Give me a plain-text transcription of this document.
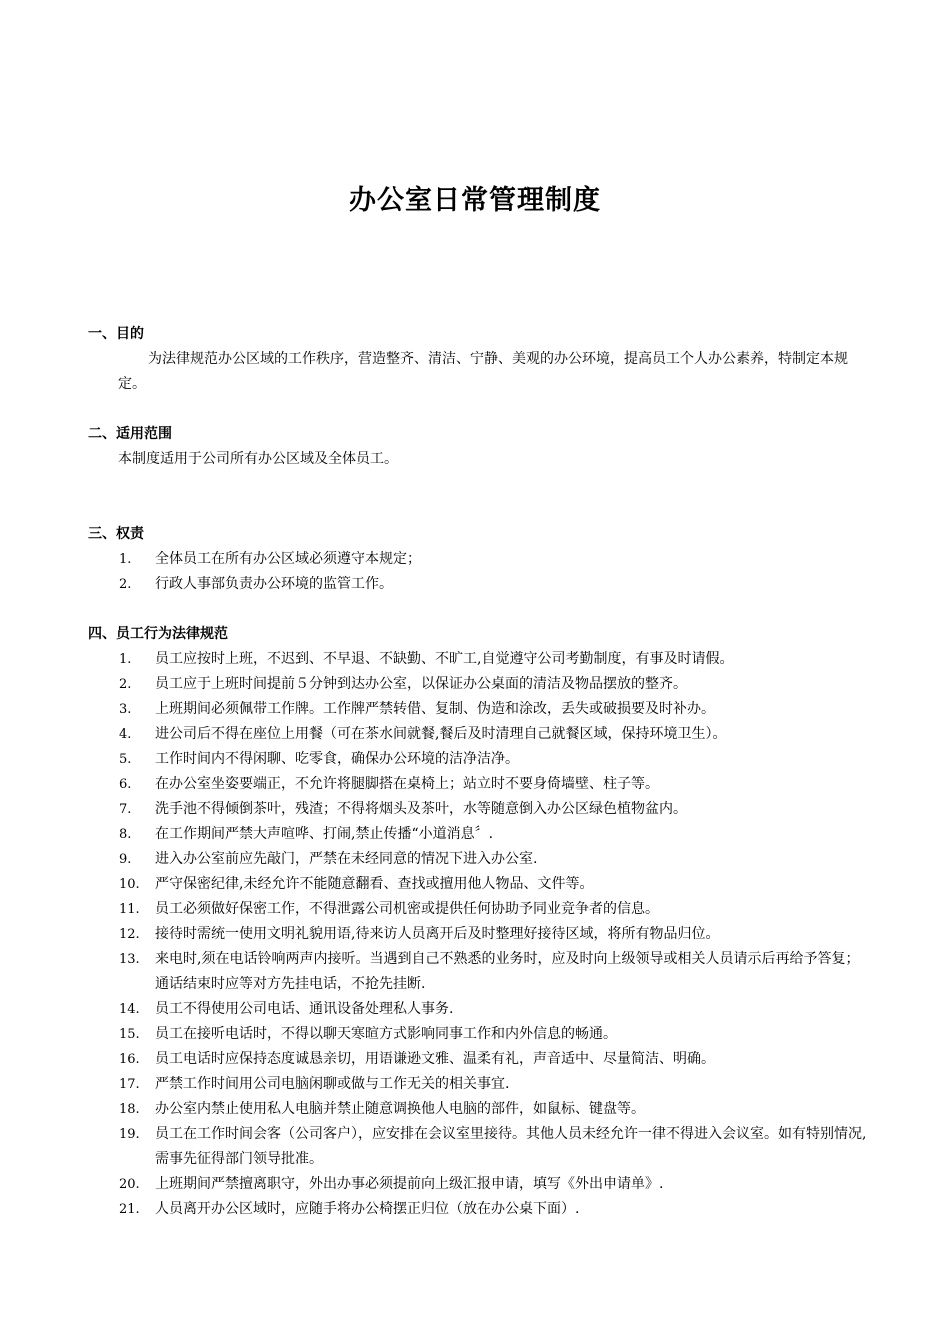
办公室日常管理制度
一、目的

为法律规范办公区域的工作秩序，营造整齐、清洁、宁静、美观的办公环境，提高员工个人办公素养，特制定本规定。

二、适用范围

本制度适用于公司所有办公区域及全体员工。

三、权责
1. 全体员工在所有办公区域必须遵守本规定；
2. 行政人事部负责办公环境的监管工作。
四、员工行为法律规范
1. 员工应按时上班，不迟到、不早退、不缺勤、不旷工,自觉遵守公司考勤制度，有事及时请假。
2. 员工应于上班时间提前５分钟到达办公室，以保证办公桌面的清洁及物品摆放的整齐。
3. 上班期间必须佩带工作牌。工作牌严禁转借、复制、伪造和涂改，丢失或破损要及时补办。
4. 进公司后不得在座位上用餐（可在茶水间就餐,餐后及时清理自己就餐区域，保持环境卫生）。
5. 工作时间内不得闲聊、吃零食，确保办公环境的洁净洁净。
6. 在办公室坐姿要端正，不允许将腿脚搭在桌椅上；站立时不要身倚墙壁、柱子等。
7. 洗手池不得倾倒茶叶，残渣；不得将烟头及茶叶，水等随意倒入办公区绿色植物盆内。
8. 在工作期间严禁大声喧哗、打闹,禁止传播“小道消息〞.
9. 进入办公室前应先敲门，严禁在未经同意的情况下进入办公室.
10. 严守保密纪律,未经允许不能随意翻看、查找或擅用他人物品、文件等。
11. 员工必须做好保密工作，不得泄露公司机密或提供任何协助予同业竞争者的信息。
12. 接待时需统一使用文明礼貌用语,待来访人员离开后及时整理好接待区域，将所有物品归位。
13. 来电时,须在电话铃响两声内接听。当遇到自己不熟悉的业务时，应及时向上级领导或相关人员请示后再给予答复；通话结束时应等对方先挂电话，不抢先挂断.
14. 员工不得使用公司电话、通讯设备处理私人事务.
15. 员工在接听电话时，不得以聊天寒暄方式影响同事工作和内外信息的畅通。
16. 员工电话时应保持态度诚恳亲切，用语谦逊文雅、温柔有礼，声音适中、尽量简洁、明确。
17. 严禁工作时间用公司电脑闲聊或做与工作无关的相关事宜.
18. 办公室内禁止使用私人电脑并禁止随意调换他人电脑的部件，如鼠标、键盘等。
19. 员工在工作时间会客（公司客户），应安排在会议室里接待。其他人员未经允许一律不得进入会议室。如有特别情况,需事先征得部门领导批准。
20. 上班期间严禁擅离职守，外出办事必须提前向上级汇报申请，填写《外出申请单》.
21. 人员离开办公区域时，应随手将办公椅摆正归位（放在办公桌下面）.
